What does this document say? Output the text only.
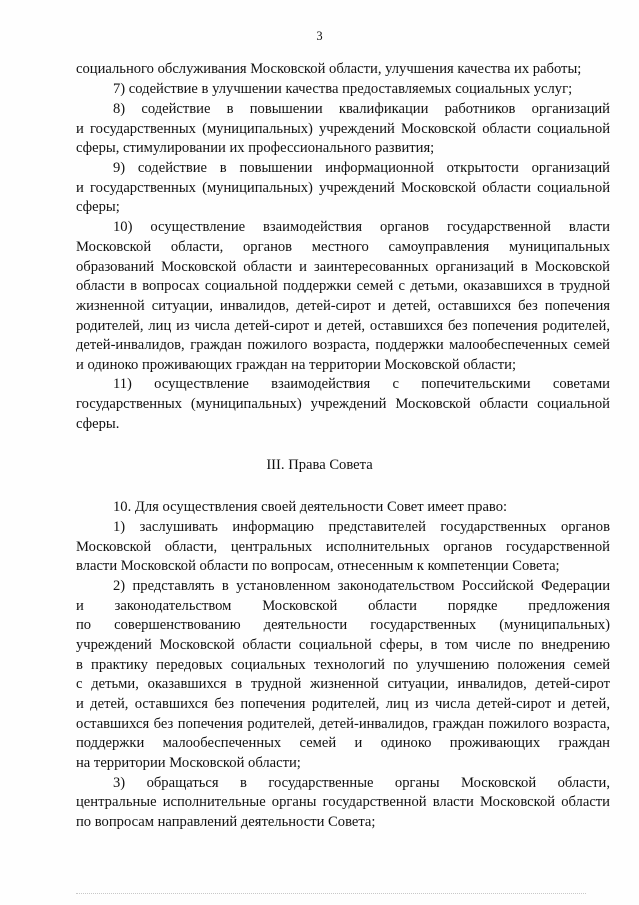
3
социального обслуживания Московской области, улучшения качества их работы;
7) содействие в улучшении качества предоставляемых социальных услуг;
8) содействие в повышении квалификации работников организаций
и государственных (муниципальных) учреждений Московской области социальной
сферы, стимулировании их профессионального развития;
9) содействие в повышении информационной открытости организаций
и государственных (муниципальных) учреждений Московской области социальной
сферы;
10) осуществление взаимодействия органов государственной власти
Московской области, органов местного самоуправления муниципальных
образований Московской области и заинтересованных организаций в Московской
области в вопросах социальной поддержки семей с детьми, оказавшихся в трудной
жизненной ситуации, инвалидов, детей-сирот и детей, оставшихся без попечения
родителей, лиц из числа детей-сирот и детей, оставшихся без попечения родителей,
детей-инвалидов, граждан пожилого возраста, поддержки малообеспеченных семей
и одиноко проживающих граждан на территории Московской области;
11) осуществление взаимодействия с попечительскими советами
государственных (муниципальных) учреждений Московской области социальной
сферы.
III. Права Совета
10. Для осуществления своей деятельности Совет имеет право:
1) заслушивать информацию представителей государственных органов
Московской области, центральных исполнительных органов государственной
власти Московской области по вопросам, отнесенным к компетенции Совета;
2) представлять в установленном законодательством Российской Федерации
и законодательством Московской области порядке предложения
по совершенствованию деятельности государственных (муниципальных)
учреждений Московской области социальной сферы, в том числе по внедрению
в практику передовых социальных технологий по улучшению положения семей
с детьми, оказавшихся в трудной жизненной ситуации, инвалидов, детей-сирот
и детей, оставшихся без попечения родителей, лиц из числа детей-сирот и детей,
оставшихся без попечения родителей, детей-инвалидов, граждан пожилого возраста,
поддержки малообеспеченных семей и одиноко проживающих граждан
на территории Московской области;
3) обращаться в государственные органы Московской области,
центральные исполнительные органы государственной власти Московской области
по вопросам направлений деятельности Совета;
